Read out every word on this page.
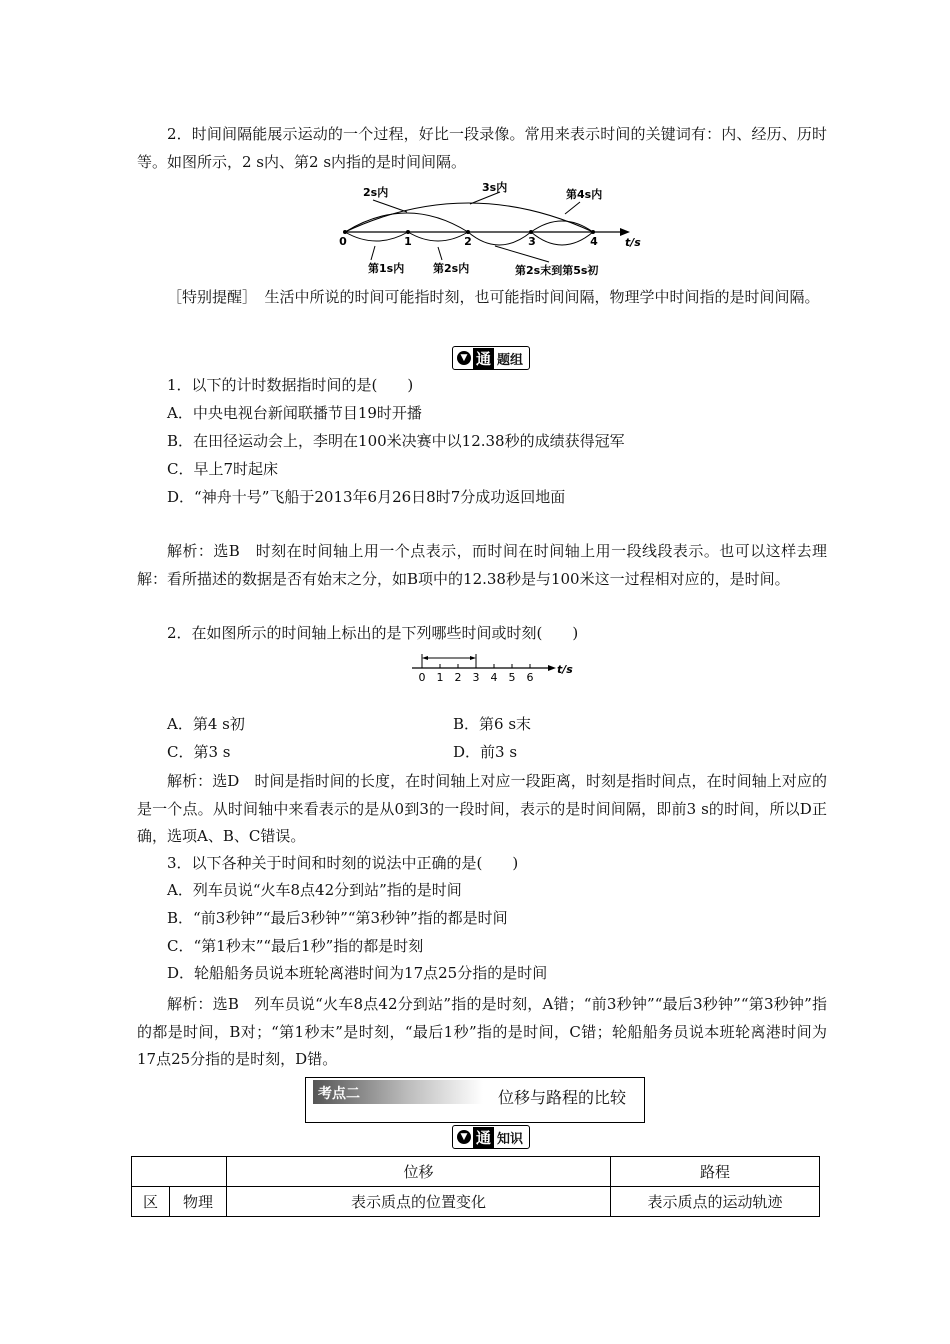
2．时间间隔能展示运动的一个过程，好比一段录像。常用来表示时间的关键词有：内、经历、历时等。如图所示，2 s内、第2 s内指的是时间间隔。
0	1	2	3	4 t/s
2s内	3s内
第4s内
第1s内	第2s内	第2s末到第5s初
［特别提醒］　生活中所说的时间可能指时刻，也可能指时间间隔，物理学中时间指的是时间间隔。
▼ 通 题组
1．以下的计时数据指时间的是(　　)
A．中央电视台新闻联播节目19时开播
B．在田径运动会上，李明在100米决赛中以12.38秒的成绩获得冠军
C．早上7时起床
D．“神舟十号”飞船于2013年6月26日8时7分成功返回地面
解析：选B　时刻在时间轴上用一个点表示，而时间在时间轴上用一段线段表示。也可以这样去理解：看所描述的数据是否有始末之分，如B项中的12.38秒是与100米这一过程相对应的，是时间。
2．在如图所示的时间轴上标出的是下列哪些时间或时刻(　　)
0 1 2 3 4 5 6
t/s
A．第4 s初	B．第6 s末
C．第3 s	D．前3 s
解析：选D　时间是指时间的长度，在时间轴上对应一段距离，时刻是指时间点，在时间轴上对应的是一个点。从时间轴中来看表示的是从0到3的一段时间，表示的是时间间隔，即前3 s的时间，所以D正确，选项A、B、C错误。
3．以下各种关于时间和时刻的说法中正确的是(　　)
A．列车员说“火车8点42分到站”指的是时间
B．“前3秒钟”“最后3秒钟”“第3秒钟”指的都是时间
C．“第1秒末”“最后1秒”指的都是时刻
D．轮船船务员说本班轮离港时间为17点25分指的是时间
解析：选B　列车员说“火车8点42分到站”指的是时刻，A错；“前3秒钟”“最后3秒钟”“第3秒钟”指的都是时间，B对；“第1秒末”是时刻，“最后1秒”指的是时间，C错；轮船船务员说本班轮离港时间为17点25分指的是时刻，D错。
考点二	位移与路程的比较
▼ 通 知识
		位移	路程
区	物理	表示质点的位置变化	表示质点的运动轨迹
